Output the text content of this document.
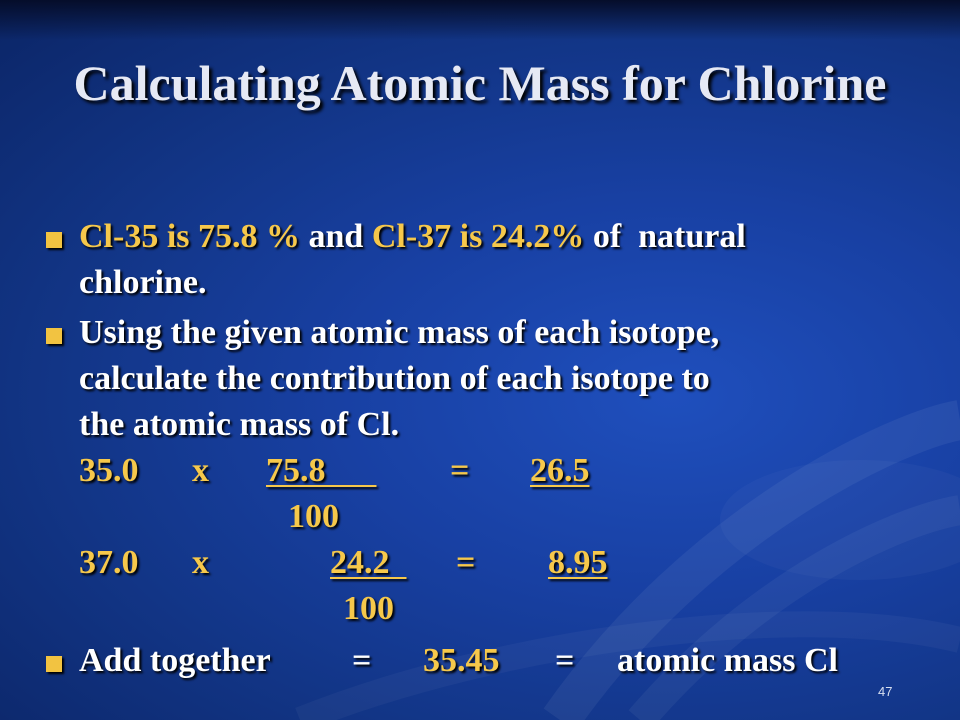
Calculating Atomic Mass for Chlorine
Cl-35 is 75.8 % and Cl-37 is 24.2% of  natural
chlorine.
Using the given atomic mass of each isotope,
calculate the contribution of each isotope to
the atomic mass of Cl.
35.0 x 75.8 = 26.5
100
37.0 x	24.2 = 8.95
100
Add together = 35.45 = atomic mass Cl
47
